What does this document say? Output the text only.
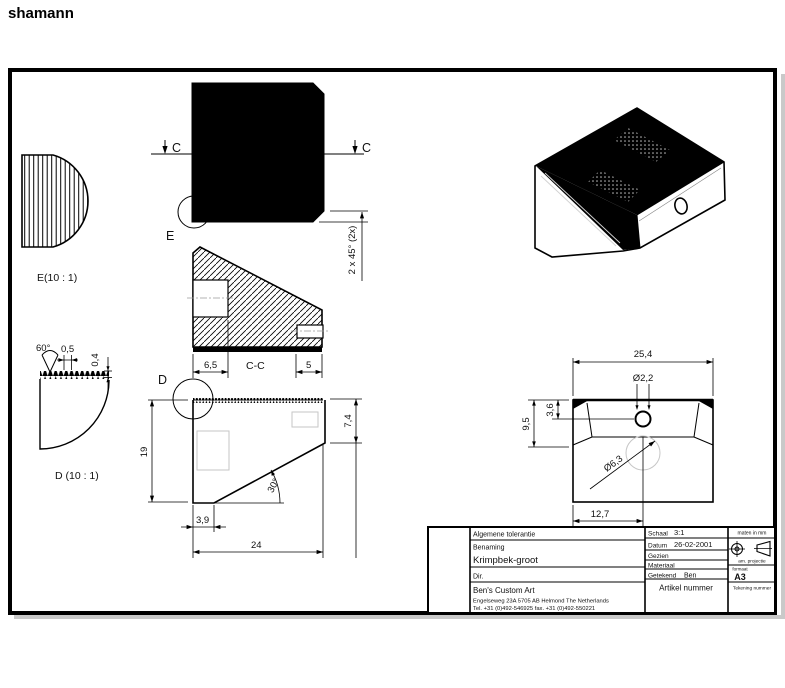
shamann
E(10 : 1)
60° 0,5
0,4
D (10 : 1)
C	C
E	2 x 45° (2x)
6,5	5
C-C
D
19
7,4
3,9
24
30°
25,4
Ø2,2
3,6
9,5
Ø6,3
12,7
Algemene tolerantie
Benaming
Krimpbek-groot
Dir.
Ben's Custom Art
Engelseweg 23A 5705 AB Helmond The Netherlands
Tel. +31 (0)492-546925 fax. +31 (0)492-550221
Schaal 3:1
Datum 26-02-2001
Gezien
Materiaal
Getekend Ben
Artikel nummer
maten in mm
am. projectie
formaat
A3
Tekening nummer
